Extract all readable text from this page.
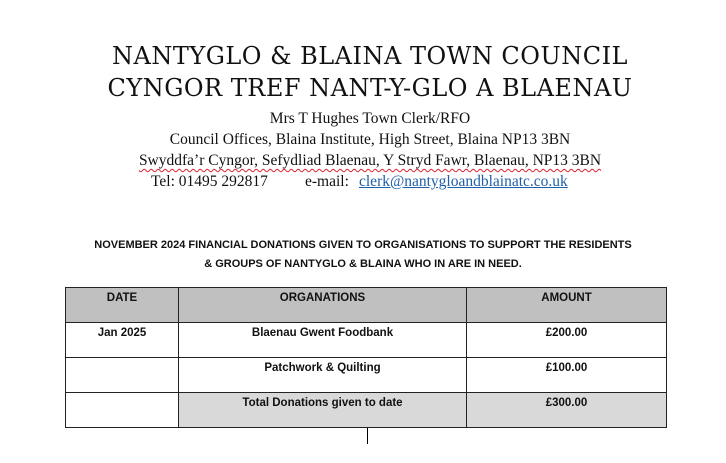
NANTYGLO & BLAINA TOWN COUNCIL
CYNGOR TREF NANT-Y-GLO A BLAENAU
Mrs T Hughes Town Clerk/RFO
Council Offices, Blaina Institute, High Street, Blaina NP13 3BN
Swyddfa’r Cyngor, Sefydliad Blaenau, Y Stryd Fawr, Blaenau, NP13 3BN
Tel: 01495 292817 e-mail: clerk@nantygloandblainatc.co.uk
NOVEMBER 2024 FINANCIAL DONATIONS GIVEN TO ORGANISATIONS TO SUPPORT THE RESIDENTS
& GROUPS OF NANTYGLO & BLAINA WHO IN ARE IN NEED.
DATE	ORGANATIONS	AMOUNT
Jan 2025	Blaenau Gwent Foodbank	£200.00
	Patchwork & Quilting	£100.00
	Total Donations given to date	£300.00
